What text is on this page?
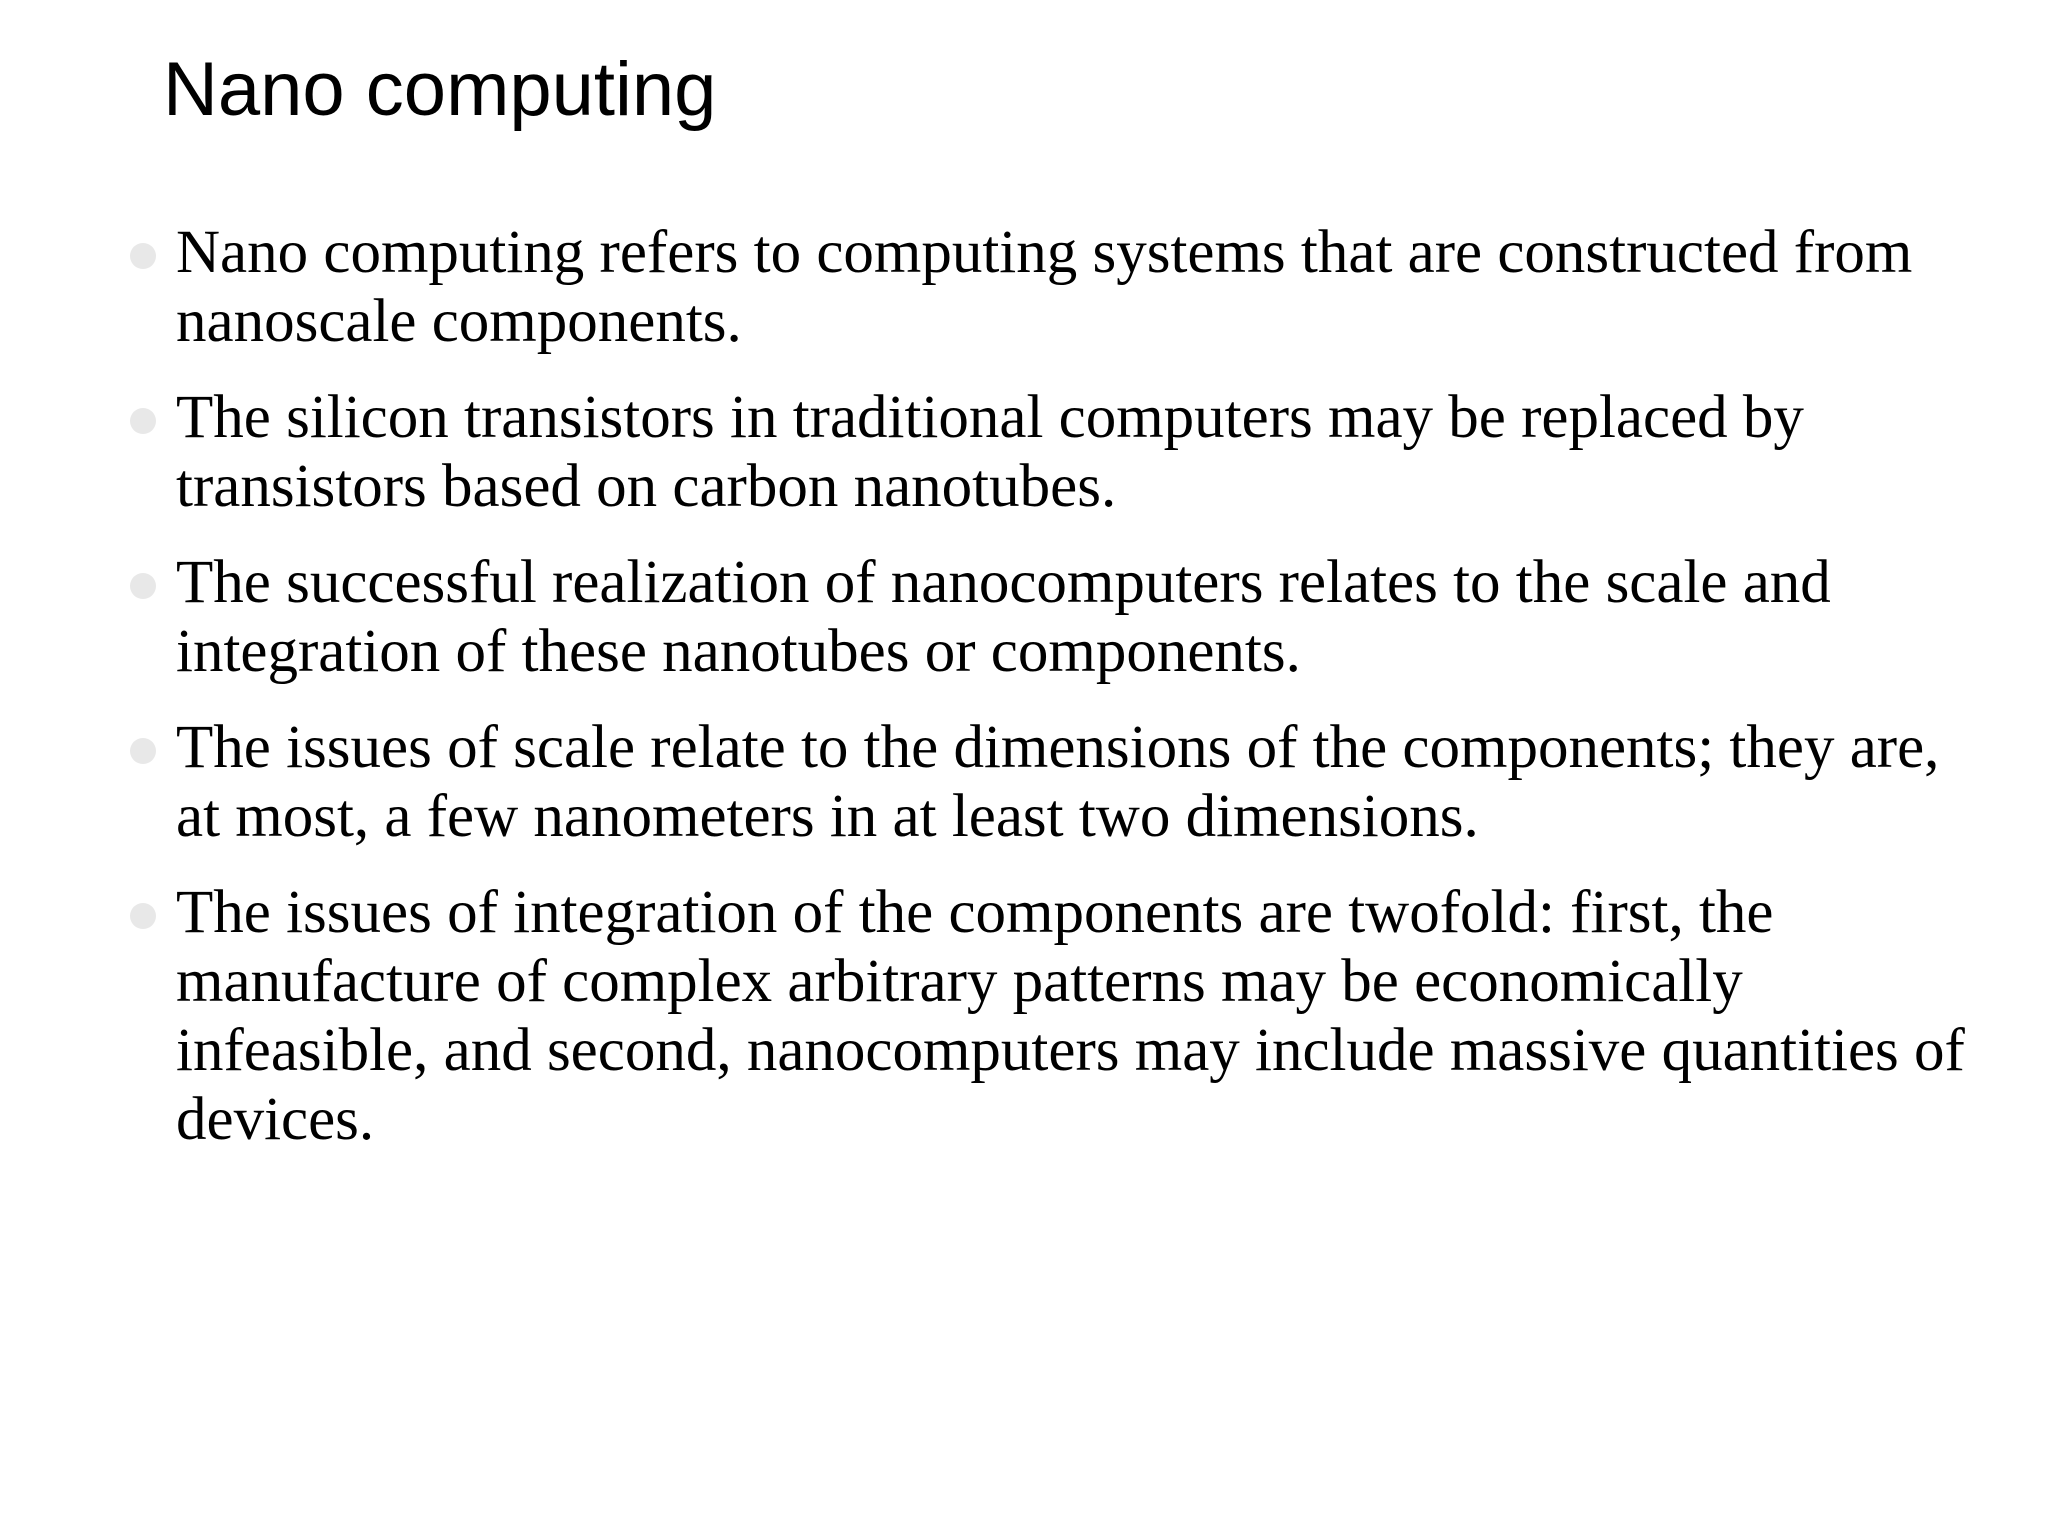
Nano computing
Nano computing refers to computing systems that are constructed from nanoscale components.
The silicon transistors in traditional computers may be replaced by transistors based on carbon nanotubes.
The successful realization of nanocomputers relates to the scale and integration of these nanotubes or components.
The issues of scale relate to the dimensions of the components; they are, at most, a few nanometers in at least two dimensions.
The issues of integration of the components are twofold: first, the manufacture of complex arbitrary patterns may be economically infeasible, and second, nanocomputers may include massive quantities of devices.
